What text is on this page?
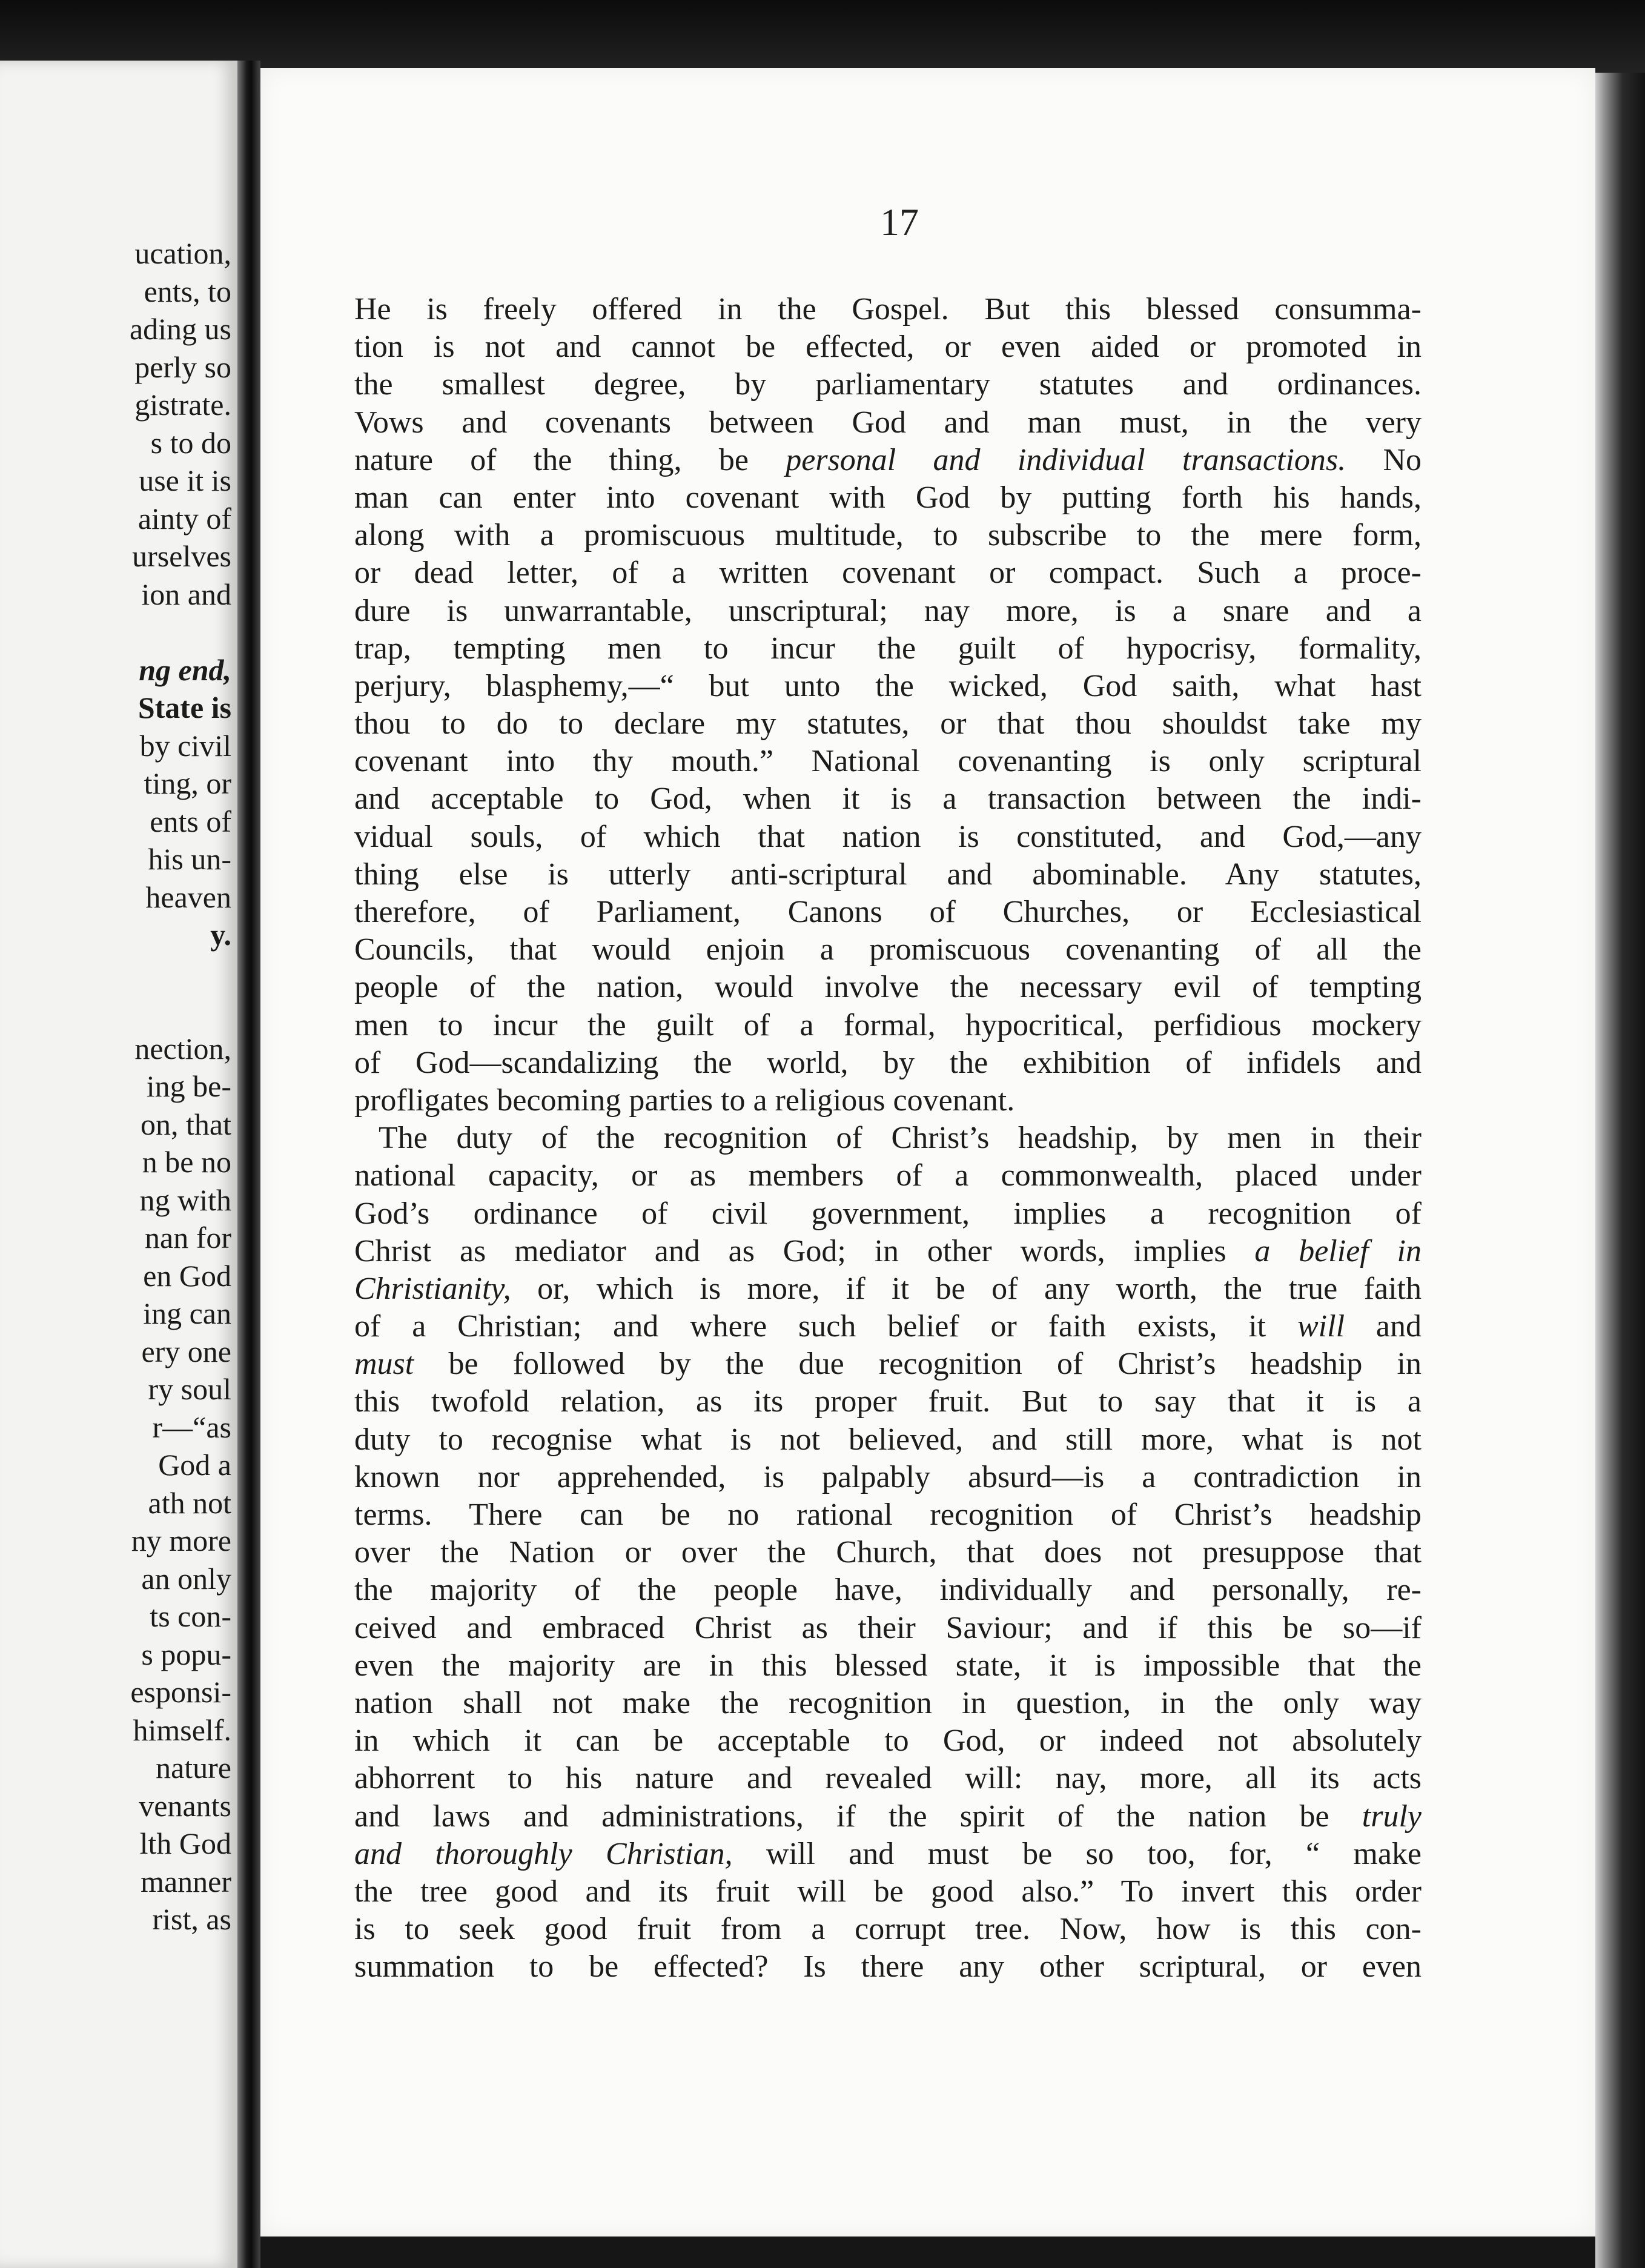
ucation,
ents, to
ading us
perly so
gistrate.
s to do
use it is
ainty of
urselves
ion and
ng end,
State is
by civil
ting, or
ents of
his un-
heaven
y.
nection,
ing be-
on, that
n be no
ng with
nan for
en God
ing can
ery one
ry soul
r—“as
God a
ath not
ny more
an only
ts con-
s popu-
esponsi-
himself.
nature
venants
lth God
manner
rist, as
17
He is freely offered in the Gospel. But this blessed consumma-
tion is not and cannot be effected, or even aided or promoted in
the smallest degree, by parliamentary statutes and ordinances.
Vows and covenants between God and man must, in the very
nature of the thing, be personal and individual transactions. No
man can enter into covenant with God by putting forth his hands,
along with a promiscuous multitude, to subscribe to the mere form,
or dead letter, of a written covenant or compact. Such a proce-
dure is unwarrantable, unscriptural; nay more, is a snare and a
trap, tempting men to incur the guilt of hypocrisy, formality,
perjury, blasphemy,—“ but unto the wicked, God saith, what hast
thou to do to declare my statutes, or that thou shouldst take my
covenant into thy mouth.” National covenanting is only scriptural
and acceptable to God, when it is a transaction between the indi-
vidual souls, of which that nation is constituted, and God,—any
thing else is utterly anti-scriptural and abominable. Any statutes,
therefore, of Parliament, Canons of Churches, or Ecclesiastical
Councils, that would enjoin a promiscuous covenanting of all the
people of the nation, would involve the necessary evil of tempting
men to incur the guilt of a formal, hypocritical, perfidious mockery
of God—scandalizing the world, by the exhibition of infidels and
profligates becoming parties to a religious covenant.
The duty of the recognition of Christ’s headship, by men in their
national capacity, or as members of a commonwealth, placed under
God’s ordinance of civil government, implies a recognition of
Christ as mediator and as God; in other words, implies a belief in
Christianity, or, which is more, if it be of any worth, the true faith
of a Christian; and where such belief or faith exists, it will and
must be followed by the due recognition of Christ’s headship in
this twofold relation, as its proper fruit. But to say that it is a
duty to recognise what is not believed, and still more, what is not
known nor apprehended, is palpably absurd—is a contradiction in
terms. There can be no rational recognition of Christ’s headship
over the Nation or over the Church, that does not presuppose that
the majority of the people have, individually and personally, re-
ceived and embraced Christ as their Saviour; and if this be so—if
even the majority are in this blessed state, it is impossible that the
nation shall not make the recognition in question, in the only way
in which it can be acceptable to God, or indeed not absolutely
abhorrent to his nature and revealed will: nay, more, all its acts
and laws and administrations, if the spirit of the nation be truly
and thoroughly Christian, will and must be so too, for, “ make
the tree good and its fruit will be good also.” To invert this order
is to seek good fruit from a corrupt tree. Now, how is this con-
summation to be effected? Is there any other scriptural, or even
